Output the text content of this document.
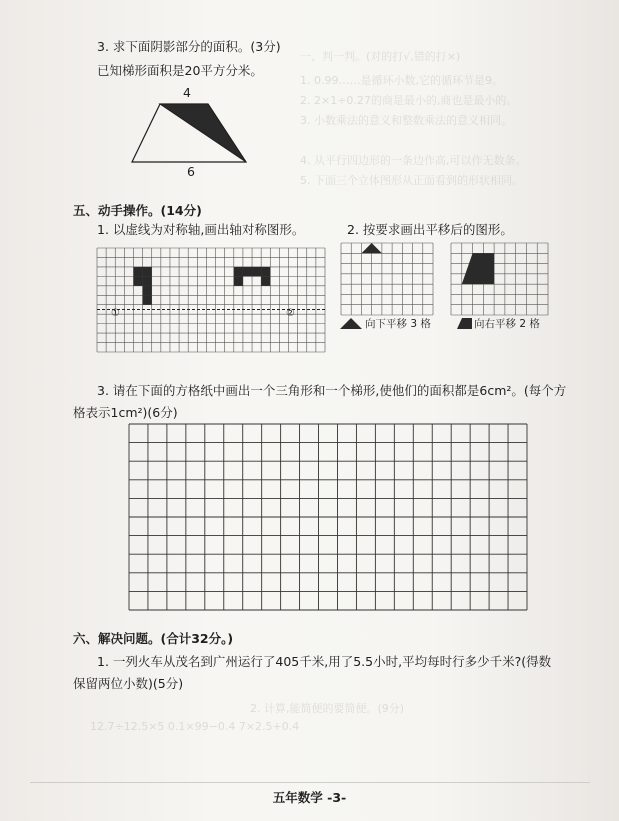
一、判一判。(对的打√,错的打×)
1. 0.99……是循环小数,它的循环节是9。
2. 2×1÷0.27的商是最小的,商也是最小的。
3. 小数乘法的意义和整数乘法的意义相同。
4. 从平行四边形的一条边作高,可以作无数条。
5. 下面三个立体图形从正面看到的形状相同。
2. 计算,能简便的要简便。(9分)
12.7÷12.5×5 0.1×99−0.4 7×2.5+0.4
3. 求下面阴影部分的面积。(3分)
已知梯形面积是20平方分米。
4
6
五、动手操作。(14分)
1. 以虚线为对称轴,画出轴对称图形。	2. 按要求画出平移后的图形。
①	②
向下平移 3 格	向右平移 2 格
3. 请在下面的方格纸中画出一个三角形和一个梯形,使他们的面积都是6cm²。(每个方
格表示1cm²)(6分)
六、解决问题。(合计32分。)
1. 一列火车从茂名到广州运行了405千米,用了5.5小时,平均每时行多少千米?(得数
保留两位小数)(5分)
五年数学 -3-
